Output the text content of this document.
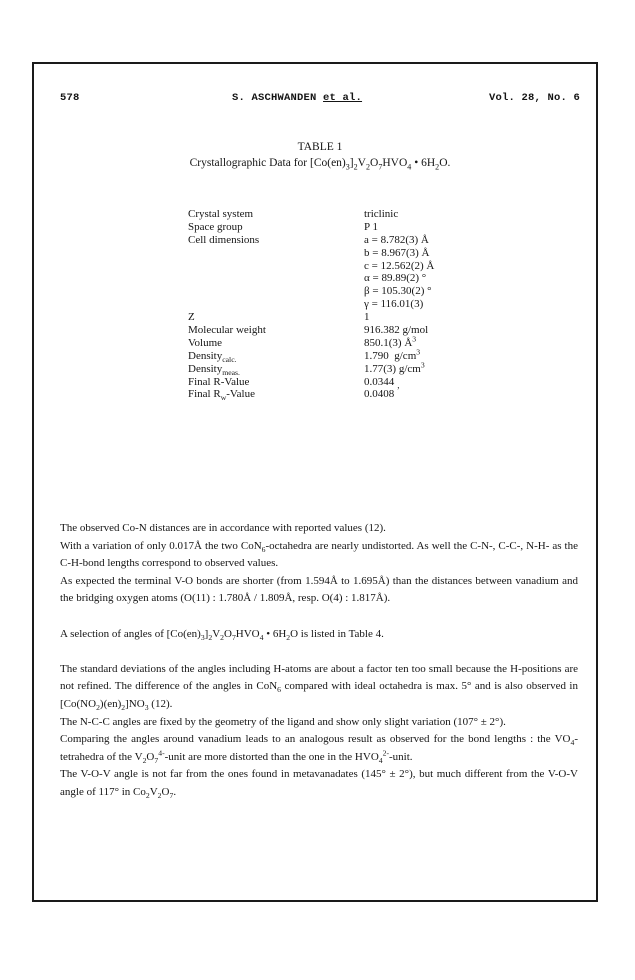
578	S. ASCHWANDEN et al.	Vol. 28, No. 6
TABLE 1
Crystallographic Data for $[Co(en)_3]_2V_2O_7HVO_4$ • $6H_2O$.
Crystal system	triclinic
Space group	P 1
Cell dimensions	a = 8.782(3) Å
b = 8.967(3) Å
c = 12.562(2) Å
α = 89.89(2) °
β = 105.30(2) °
γ = 116.01(3)
Z	1
Molecular weight	916.382 g/mol
Volume	850.1(3) $Å^3$
Density$_{calc.}$	1.790  $g/cm^3$
Density$_{meas.}$	1.77(3) $g/cm^3$
Final R-Value	0.0344 ,
Final $R_w$-Value	0.0408

The observed Co-N distances are in accordance with reported values (12).

With a variation of only 0.017Å the two CoN$_6$-octahedra are nearly undistorted. As well the C-N-, C-C-, N-H- as the C-H-bond lengths correspond to observed values.

As expected the terminal V-O bonds are shorter (from 1.594Å to 1.695Å) than the distances between vanadium and the bridging oxygen atoms (O(11) : 1.780Å / 1.809Å, resp. O(4) : 1.817Å).

A selection of angles of $[Co(en)_3]_2V_2O_7HVO_4$ • $6H_2O$ is listed in Table 4.

The standard deviations of the angles including H-atoms are about a factor ten too small because the H-positions are not refined. The difference of the angles in CoN$_6$ compared with ideal octahedra is max. 5° and is also observed in $[Co(NO_2)(en)_2]NO_3$ (12).

The N-C-C angles are fixed by the geometry of the ligand and show only slight variation (107° ± 2°).

Comparing the angles around vanadium leads to an analogous result as observed for the bond lengths : the $VO_4$-tetrahedra of the $V_2O_7^{4-}$-unit are more distorted than the one in the $HVO_4^{2-}$-unit.

The V-O-V angle is not far from the ones found in metavanadates (145° ± 2°), but much different from the V-O-V angle of 117° in $Co_2V_2O_7$.
